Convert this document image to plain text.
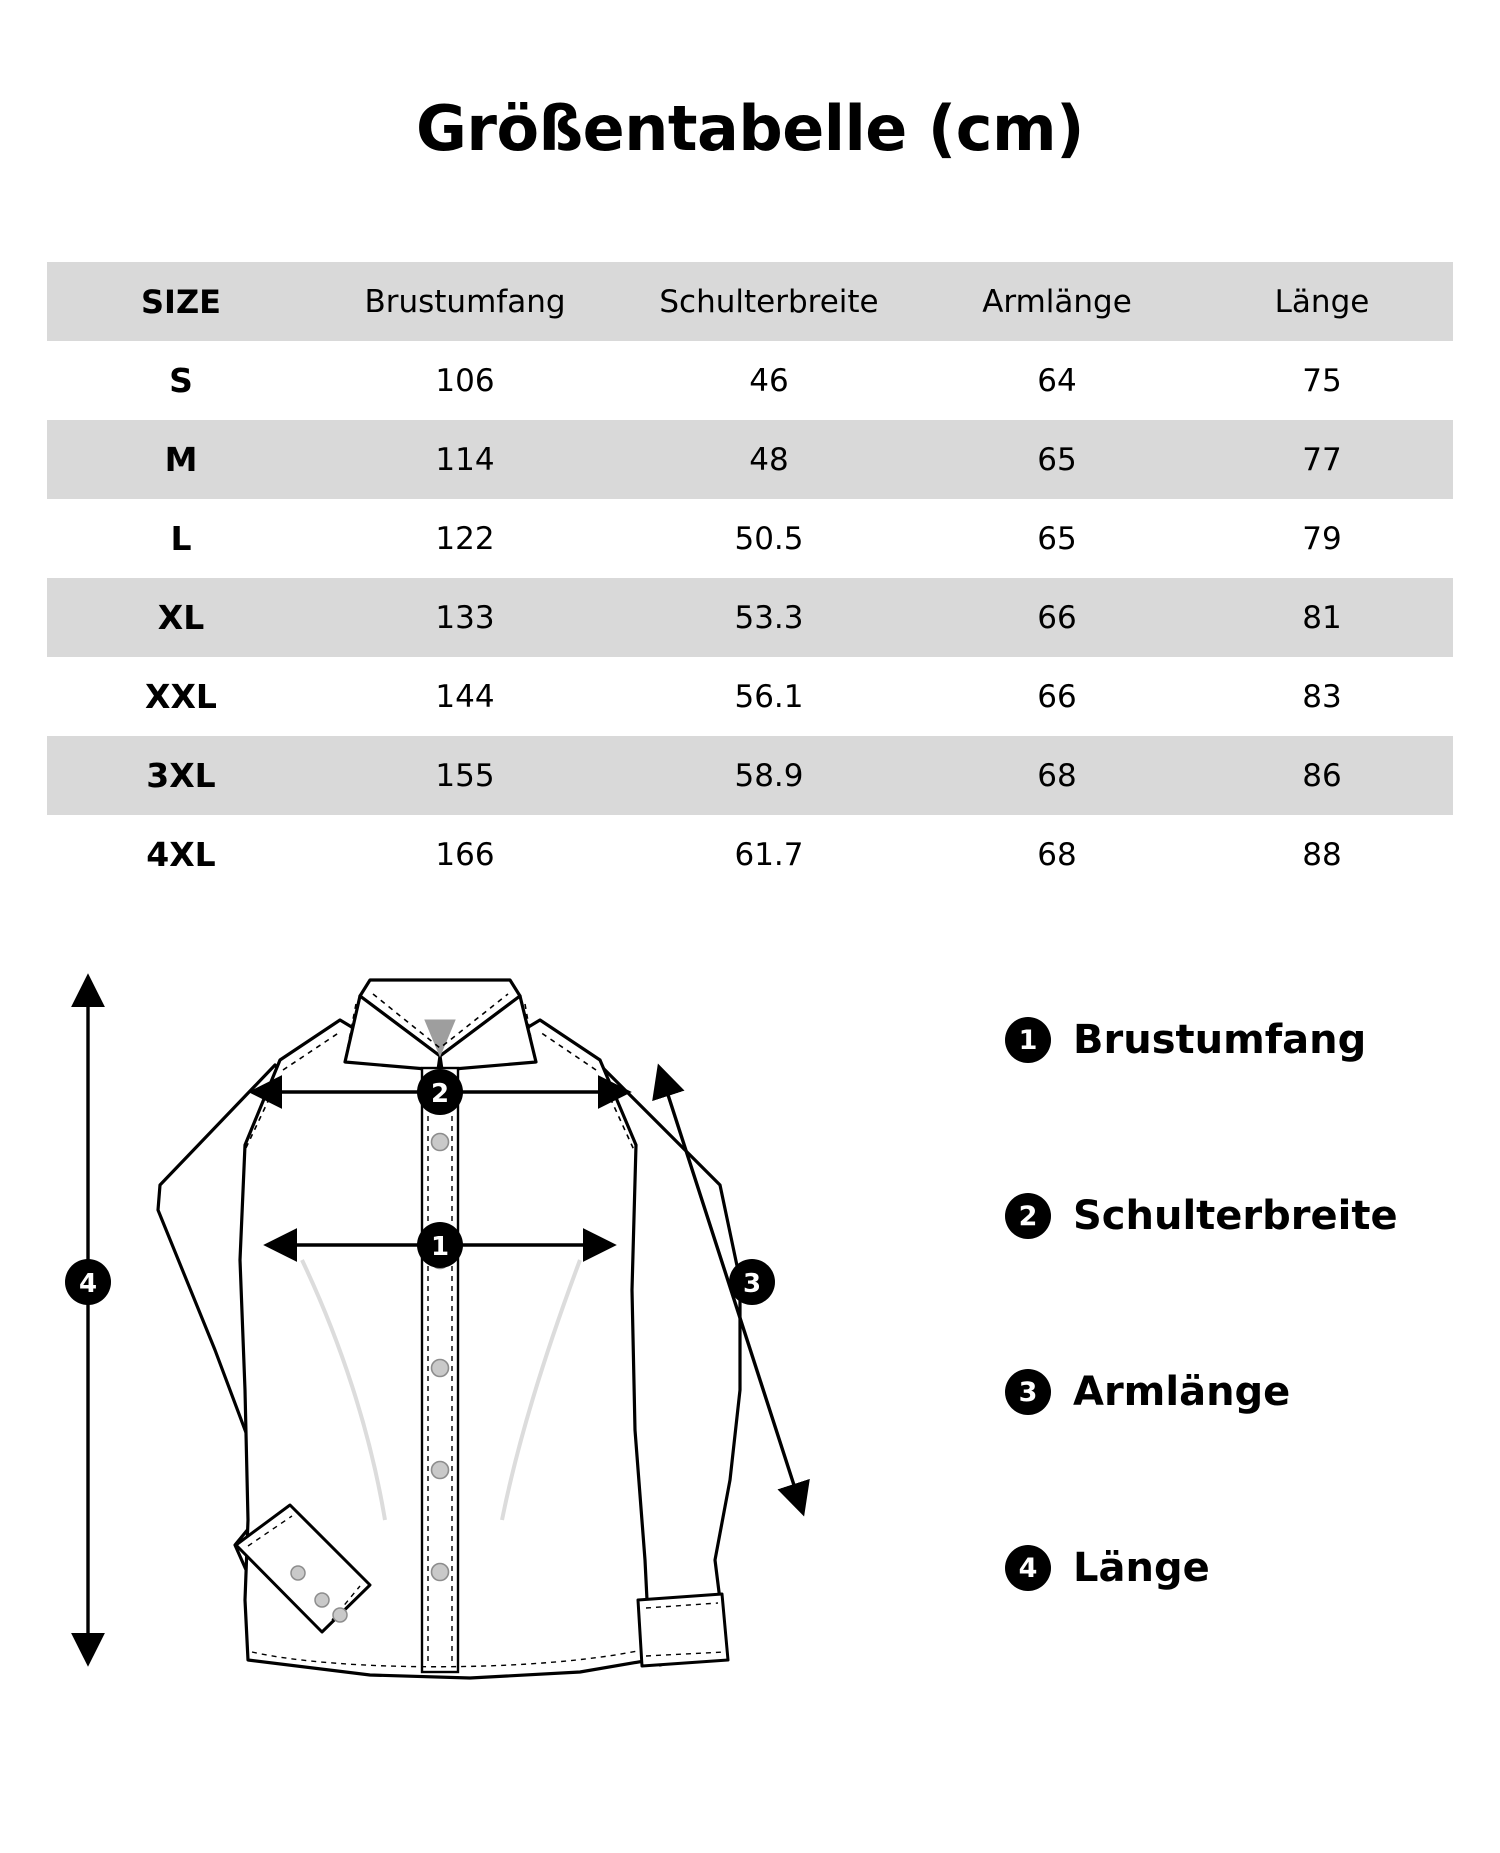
Größentabelle (cm)
SIZE	Brustumfang	Schulterbreite	Armlänge	Länge
S	106	46	64	75
M	114	48	65	77
L	122	50.5	65	79
XL	133	53.3	66	81
XXL	144	56.1	66	83
3XL	155	58.9	68	86
4XL	166	61.7	68	88
2
1
3
4
1 Brustumfang
2 Schulterbreite
3 Armlänge
4 Länge
